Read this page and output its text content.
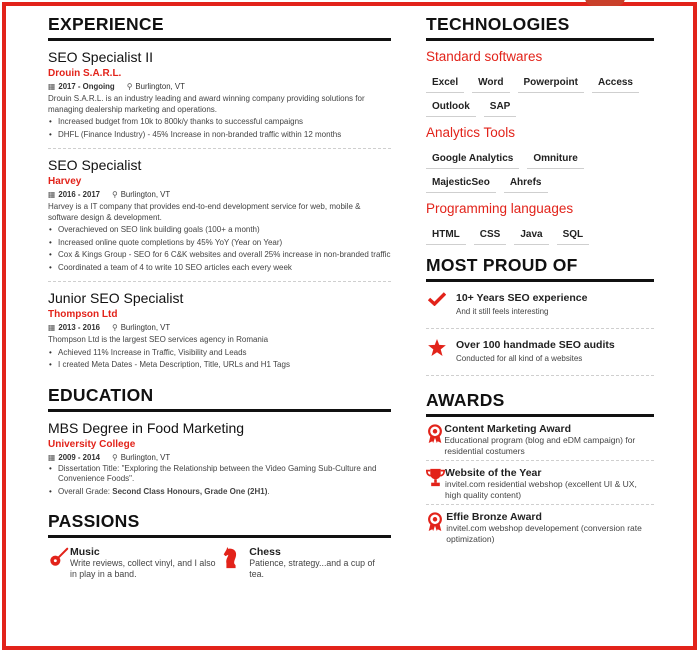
EXPERIENCE
SEO Specialist II
Drouin S.A.R.L.
▦ 2017 - Ongoing ⚲ Burlington, VT
Drouin S.A.R.L. is an industry leading and award winning company providing solutions for managing dealership marketing and operations.
• Increased budget from 10k to 800k/y thanks to successful campaigns
• DHFL (Finance Industry) - 45% Increase in non-branded traffic within 12 months
SEO Specialist
Harvey
▦ 2016 - 2017 ⚲ Burlington, VT
Harvey is a IT company that provides end-to-end development service for web, mobile & software design & development.
• Overachieved on SEO link building goals (100+ a month)
• Increased online quote completions by 45% YoY (Year on Year)
• Cox & Kings Group - SEO for 6 C&K websites and overall 25% increase in non-branded traffic
• Coordinated a team of 4 to write 10 SEO articles each every week
Junior SEO Specialist
Thompson Ltd
▦ 2013 - 2016 ⚲ Burlington, VT
Thompson Ltd is the largest SEO services agency in Romania
• Achieved 11% Increase in Traffic, Visibility and Leads
• I created Meta Dates - Meta Description, Title, URLs and H1 Tags
EDUCATION
MBS Degree in Food Marketing
University College
▦ 2009 - 2014 ⚲ Burlington, VT
• Dissertation Title: "Exploring the Relationship between the Video Gaming Sub-Culture and Convenience Foods".
• Overall Grade: Second Class Honours, Grade One (2H1).
PASSIONS
Music
Write reviews, collect vinyl, and I also in play in a band.
Chess
Patience, strategy...and a cup of tea.
TECHNOLOGIES
Standard softwares
Excel	Word	Powerpoint	Access
Outlook	SAP
Analytics Tools
Google Analytics	Omniture
MajesticSeo	Ahrefs
Programming languages
HTML	CSS	Java	SQL
MOST PROUD OF
10+ Years SEO experience
And it still feels interesting
Over 100 handmade SEO audits
Conducted for all kind of a websites
AWARDS
Content Marketing Award
Educational program (blog and eDM campaign) for residential costumers
Website of the Year
invitel.com residential webshop (excellent UI & UX, high quality content)
Effie Bronze Award
invitel.com webshop developement (conversion rate optimization)
